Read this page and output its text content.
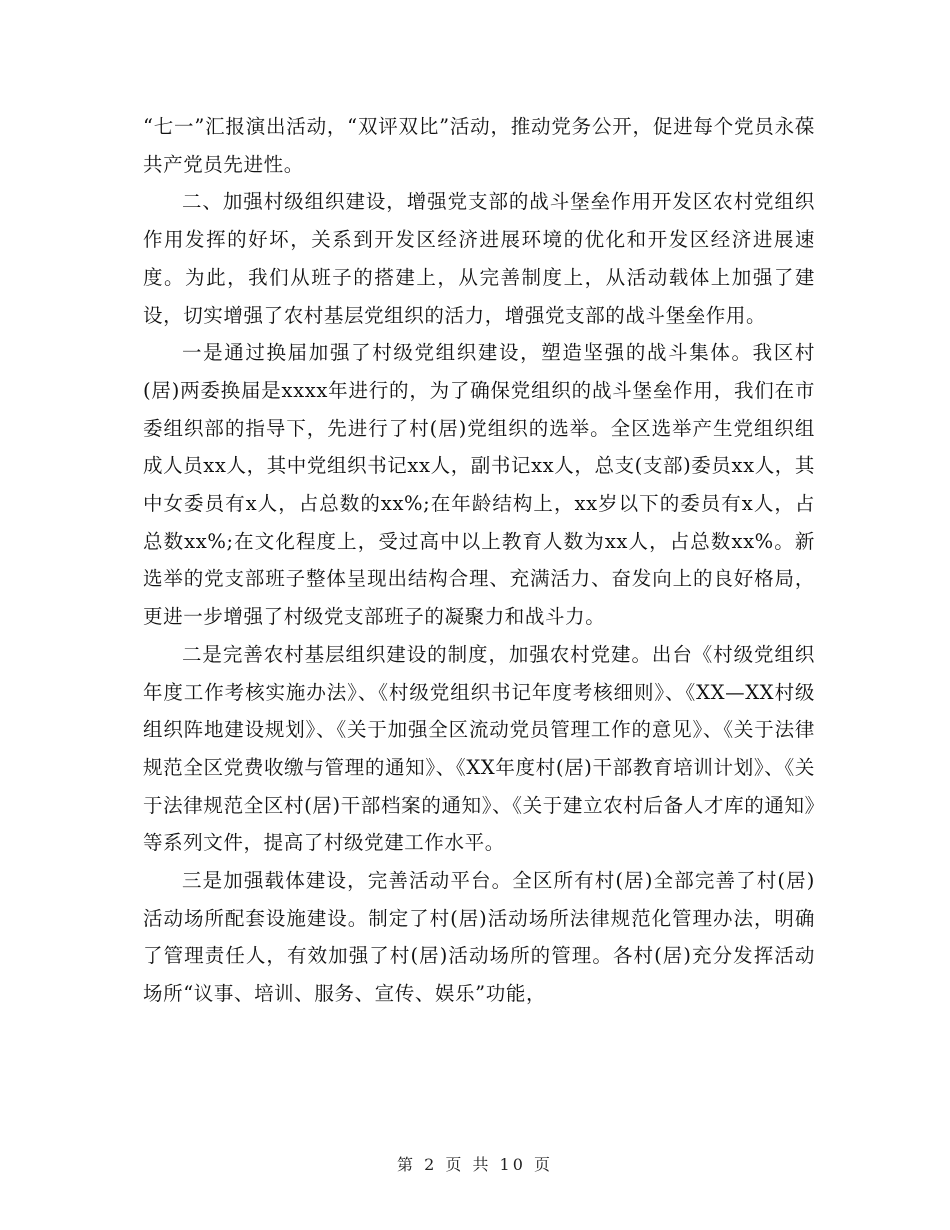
“七一”汇报演出活动，“双评双比”活动，推动党务公开，促进每个党员永葆共产党员先进性。

二、加强村级组织建设，增强党支部的战斗堡垒作用开发区农村党组织作用发挥的好坏，关系到开发区经济进展环境的优化和开发区经济进展速度。为此，我们从班子的搭建上，从完善制度上，从活动载体上加强了建设，切实增强了农村基层党组织的活力，增强党支部的战斗堡垒作用。

一是通过换届加强了村级党组织建设，塑造坚强的战斗集体。我区村(居)两委换届是xxxx年进行的，为了确保党组织的战斗堡垒作用，我们在市委组织部的指导下，先进行了村(居)党组织的选举。全区选举产生党组织组成人员xx人，其中党组织书记xx人，副书记xx人，总支(支部)委员xx人，其中女委员有x人，占总数的xx%;在年龄结构上，xx岁以下的委员有x人，占总数xx%;在文化程度上，受过高中以上教育人数为xx人，占总数xx%。新选举的党支部班子整体呈现出结构合理、充满活力、奋发向上的良好格局，更进一步增强了村级党支部班子的凝聚力和战斗力。

二是完善农村基层组织建设的制度，加强农村党建。出台《村级党组织年度工作考核实施办法》、《村级党组织书记年度考核细则》、《XX—XX村级组织阵地建设规划》、《关于加强全区流动党员管理工作的意见》、《关于法律规范全区党费收缴与管理的通知》、《XX年度村(居)干部教育培训计划》、《关于法律规范全区村(居)干部档案的通知》、《关于建立农村后备人才库的通知》等系列文件，提高了村级党建工作水平。

三是加强载体建设，完善活动平台。全区所有村(居)全部完善了村(居)活动场所配套设施建设。制定了村(居)活动场所法律规范化管理办法，明确了管理责任人，有效加强了村(居)活动场所的管理。各村(居)充分发挥活动场所“议事、培训、服务、宣传、娱乐”功能，

第 2 页 共 10 页
